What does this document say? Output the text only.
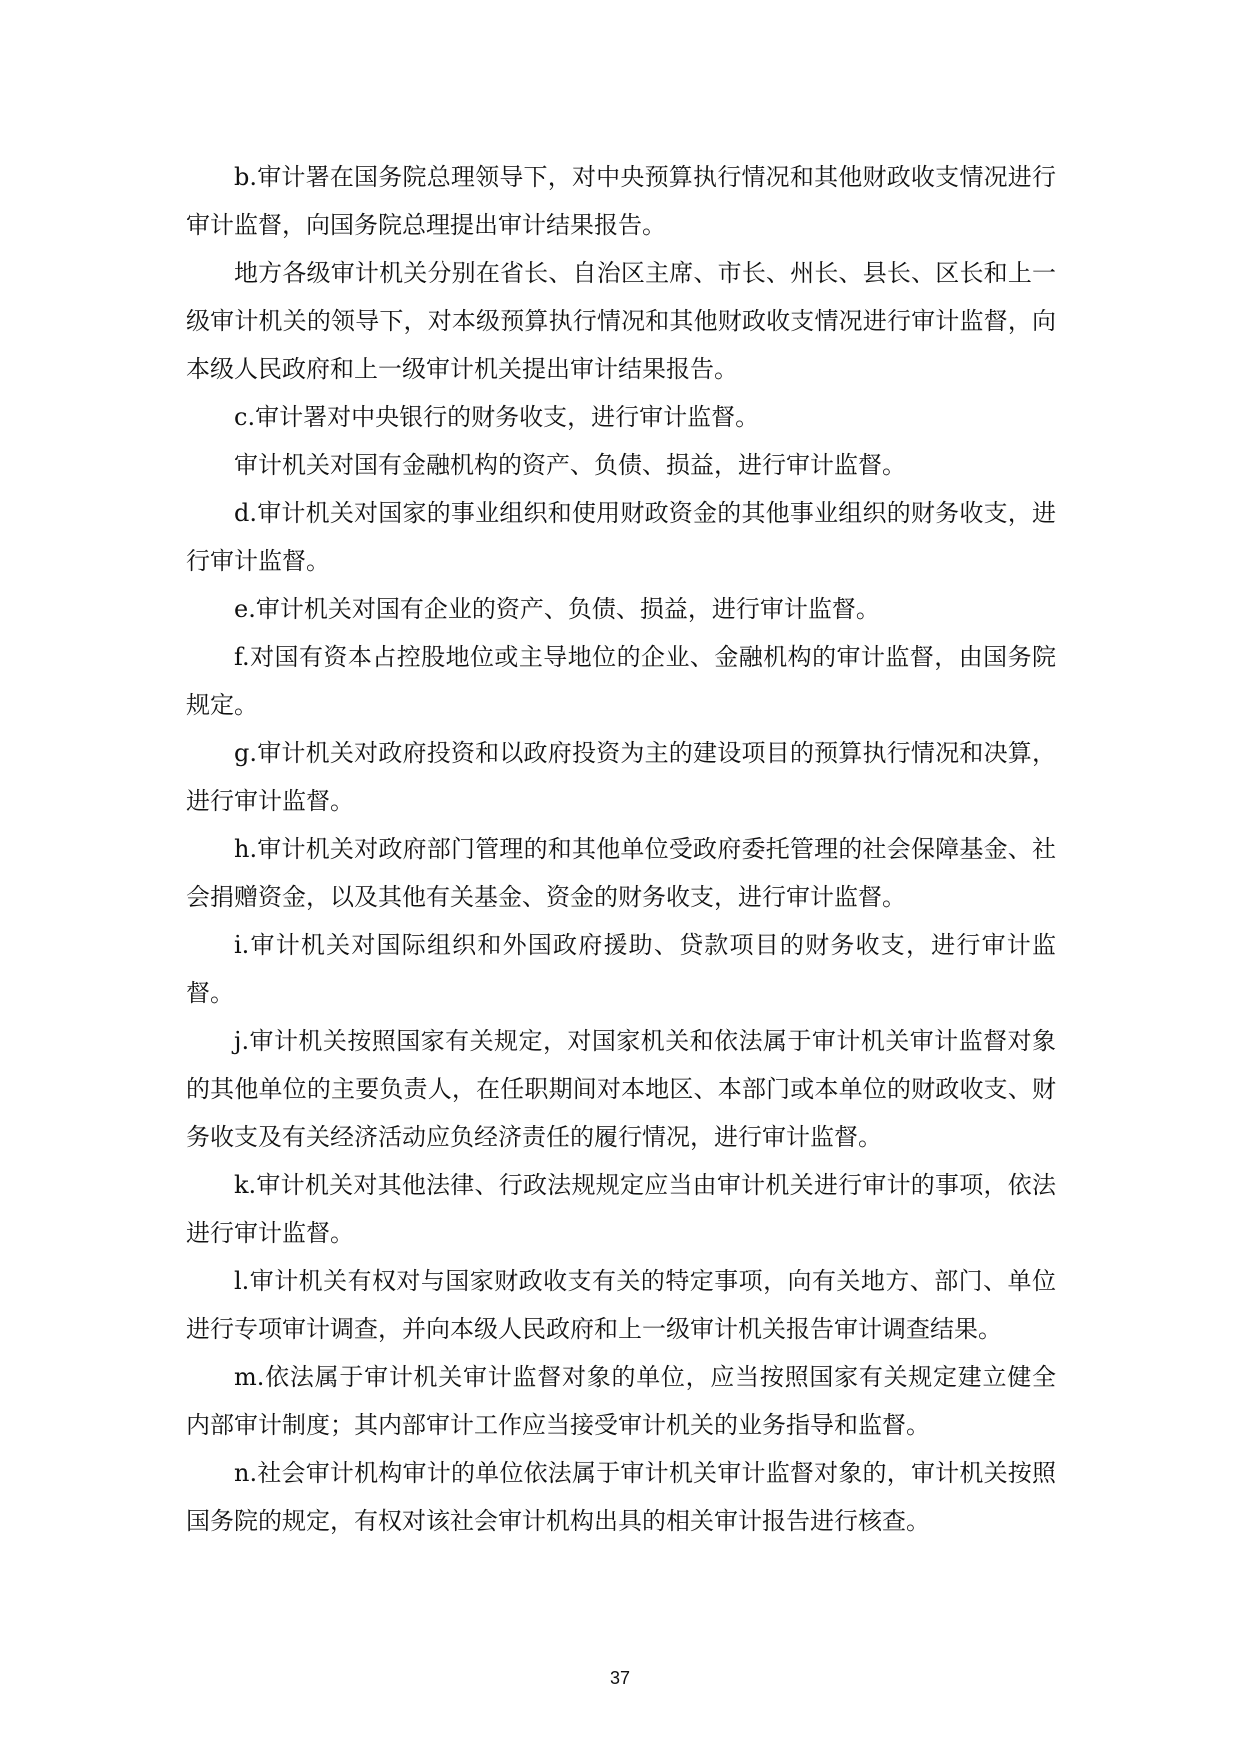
b.审计署在国务院总理领导下，对中央预算执行情况和其他财政收支情况进行审计监督，向国务院总理提出审计结果报告。

地方各级审计机关分别在省长、自治区主席、市长、州长、县长、区长和上一级审计机关的领导下，对本级预算执行情况和其他财政收支情况进行审计监督，向本级人民政府和上一级审计机关提出审计结果报告。

c.审计署对中央银行的财务收支，进行审计监督。

审计机关对国有金融机构的资产、负债、损益，进行审计监督。

d.审计机关对国家的事业组织和使用财政资金的其他事业组织的财务收支，进行审计监督。

e.审计机关对国有企业的资产、负债、损益，进行审计监督。

f.对国有资本占控股地位或主导地位的企业、金融机构的审计监督，由国务院规定。

g.审计机关对政府投资和以政府投资为主的建设项目的预算执行情况和决算，进行审计监督。

h.审计机关对政府部门管理的和其他单位受政府委托管理的社会保障基金、社会捐赠资金，以及其他有关基金、资金的财务收支，进行审计监督。

i.审计机关对国际组织和外国政府援助、贷款项目的财务收支，进行审计监督。

j.审计机关按照国家有关规定，对国家机关和依法属于审计机关审计监督对象的其他单位的主要负责人，在任职期间对本地区、本部门或本单位的财政收支、财务收支及有关经济活动应负经济责任的履行情况，进行审计监督。

k.审计机关对其他法律、行政法规规定应当由审计机关进行审计的事项，依法进行审计监督。

l.审计机关有权对与国家财政收支有关的特定事项，向有关地方、部门、单位进行专项审计调查，并向本级人民政府和上一级审计机关报告审计调查结果。

m.依法属于审计机关审计监督对象的单位，应当按照国家有关规定建立健全内部审计制度；其内部审计工作应当接受审计机关的业务指导和监督。

n.社会审计机构审计的单位依法属于审计机关审计监督对象的，审计机关按照国务院的规定，有权对该社会审计机构出具的相关审计报告进行核查。

37
